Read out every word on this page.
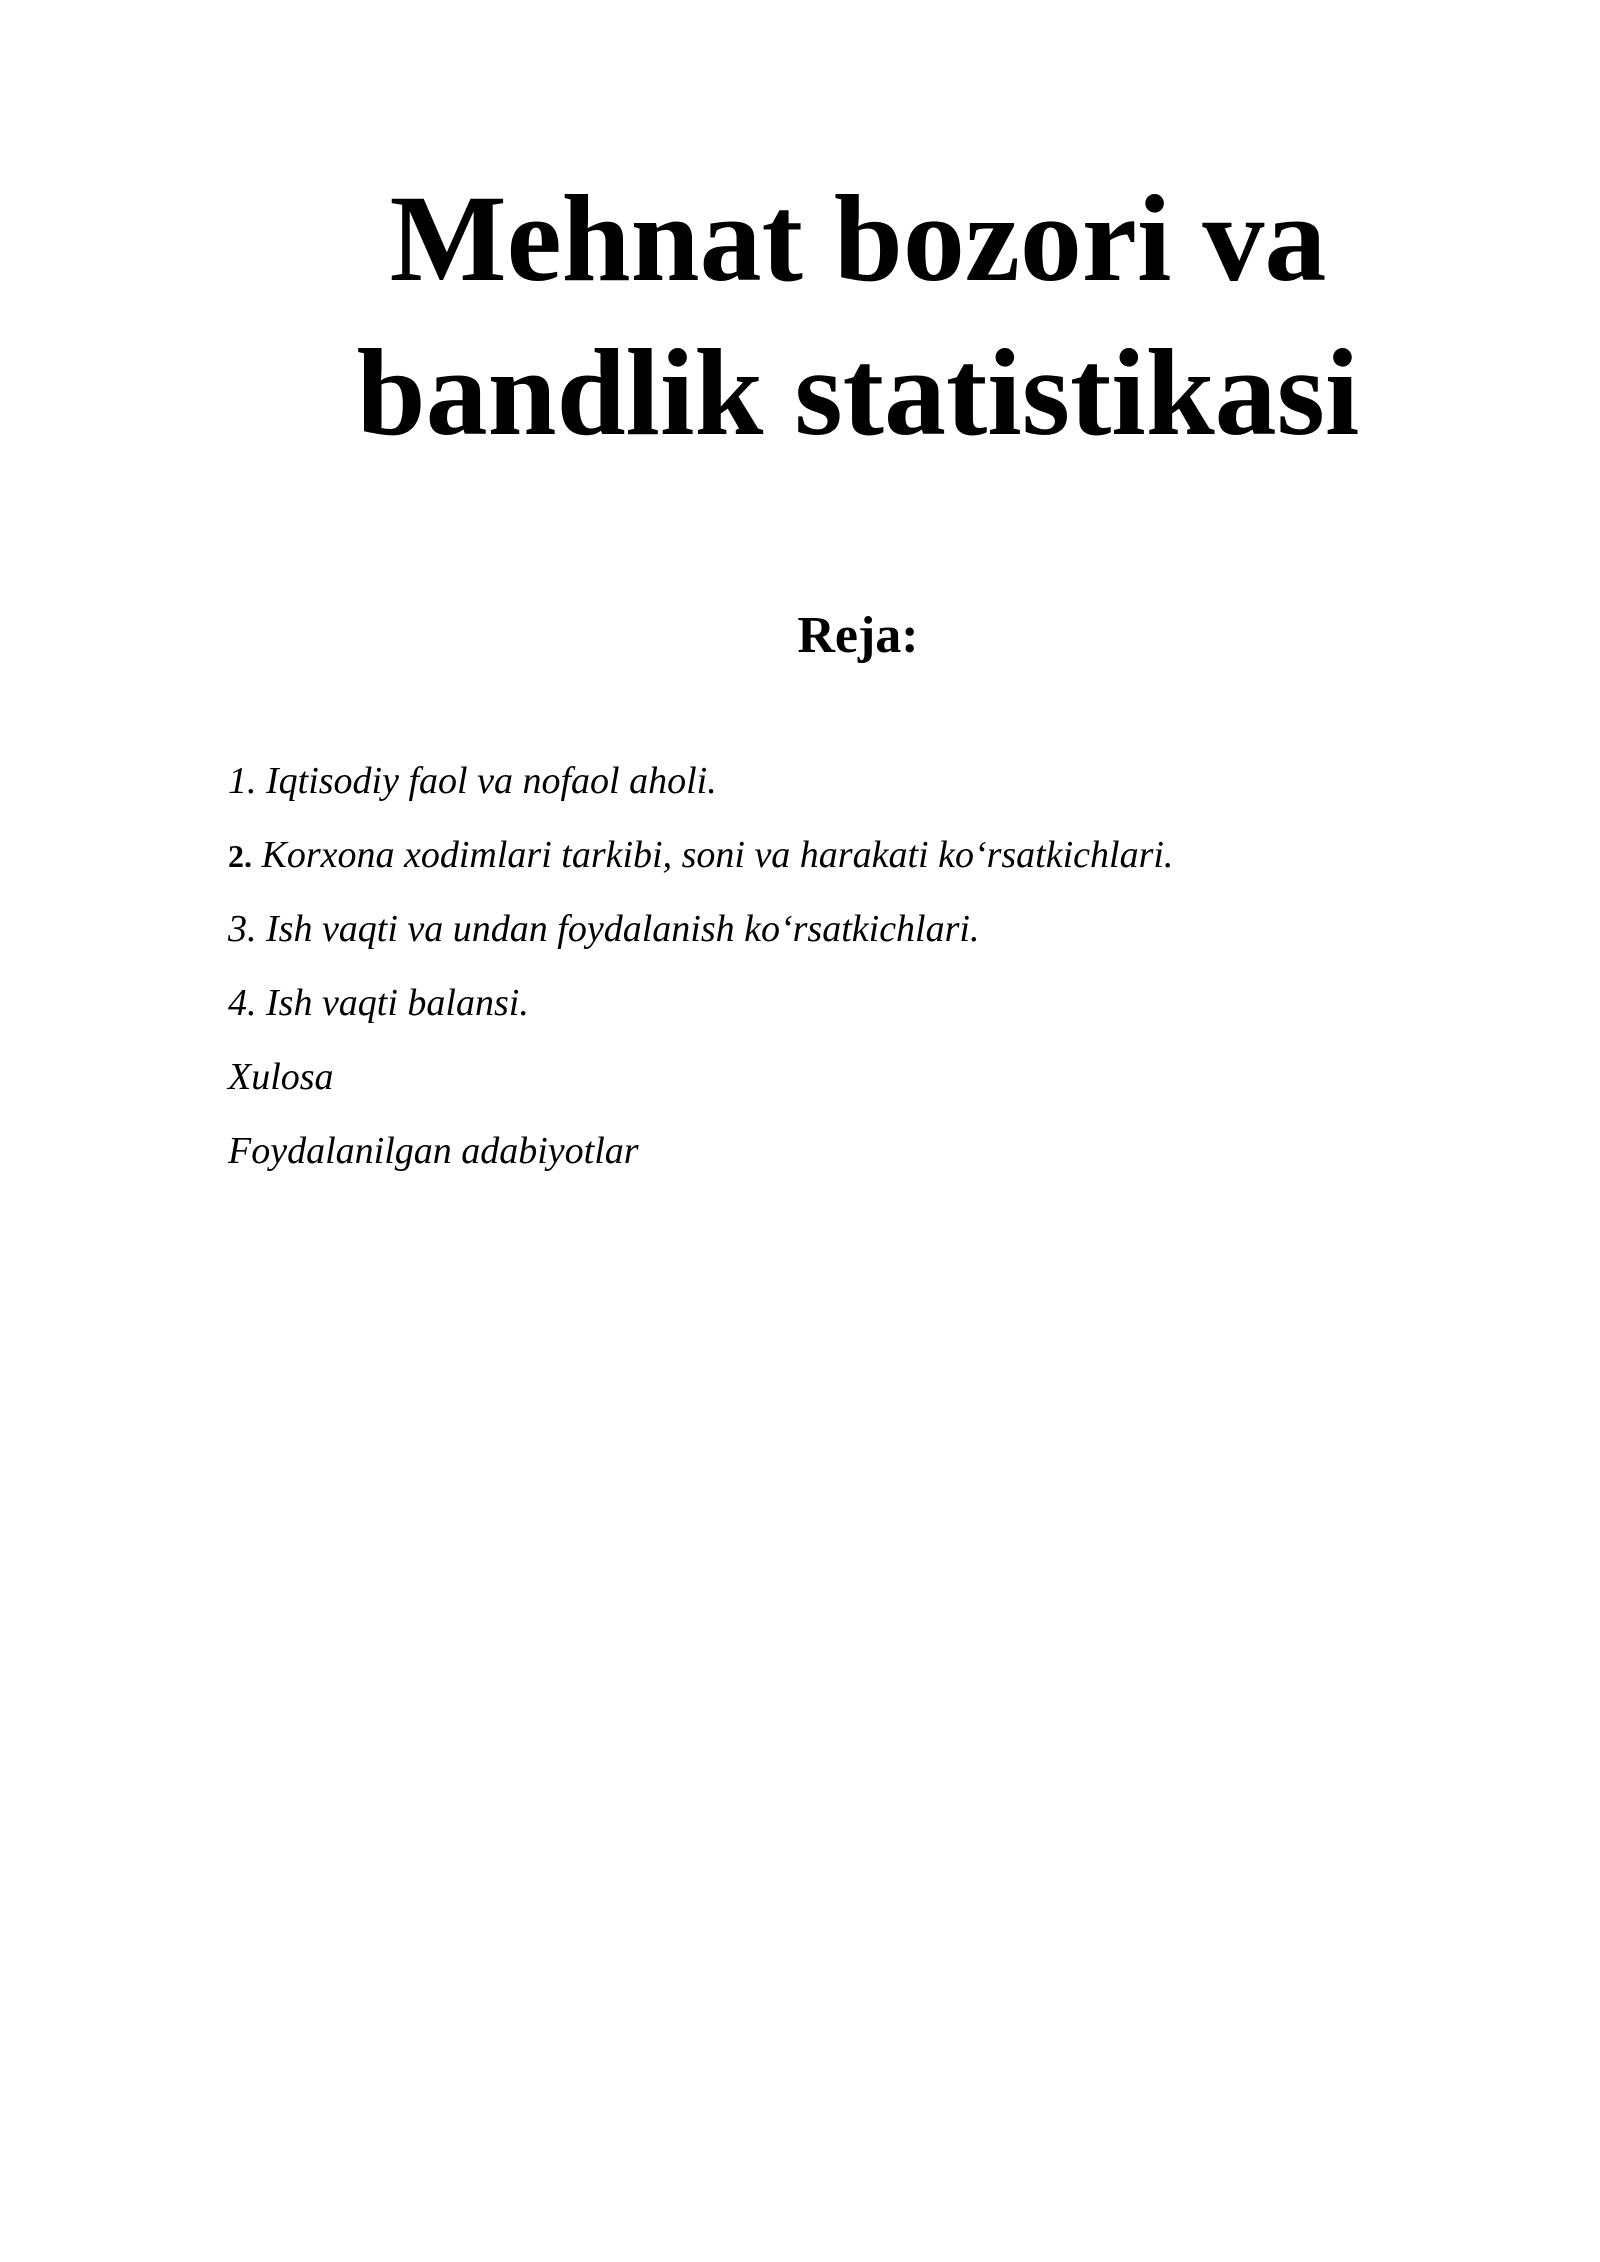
Mehnat bozori va
bandlik statistikasi
Reja:
1. Iqtisodiy faol va nofaol aholi.
2. Korxona xodimlari tarkibi, soni va harakati ko‘rsatkichlari.
3. Ish vaqti va undan foydalanish ko‘rsatkichlari.
4. Ish vaqti balansi.
Xulosa
Foydalanilgan adabiyotlar
